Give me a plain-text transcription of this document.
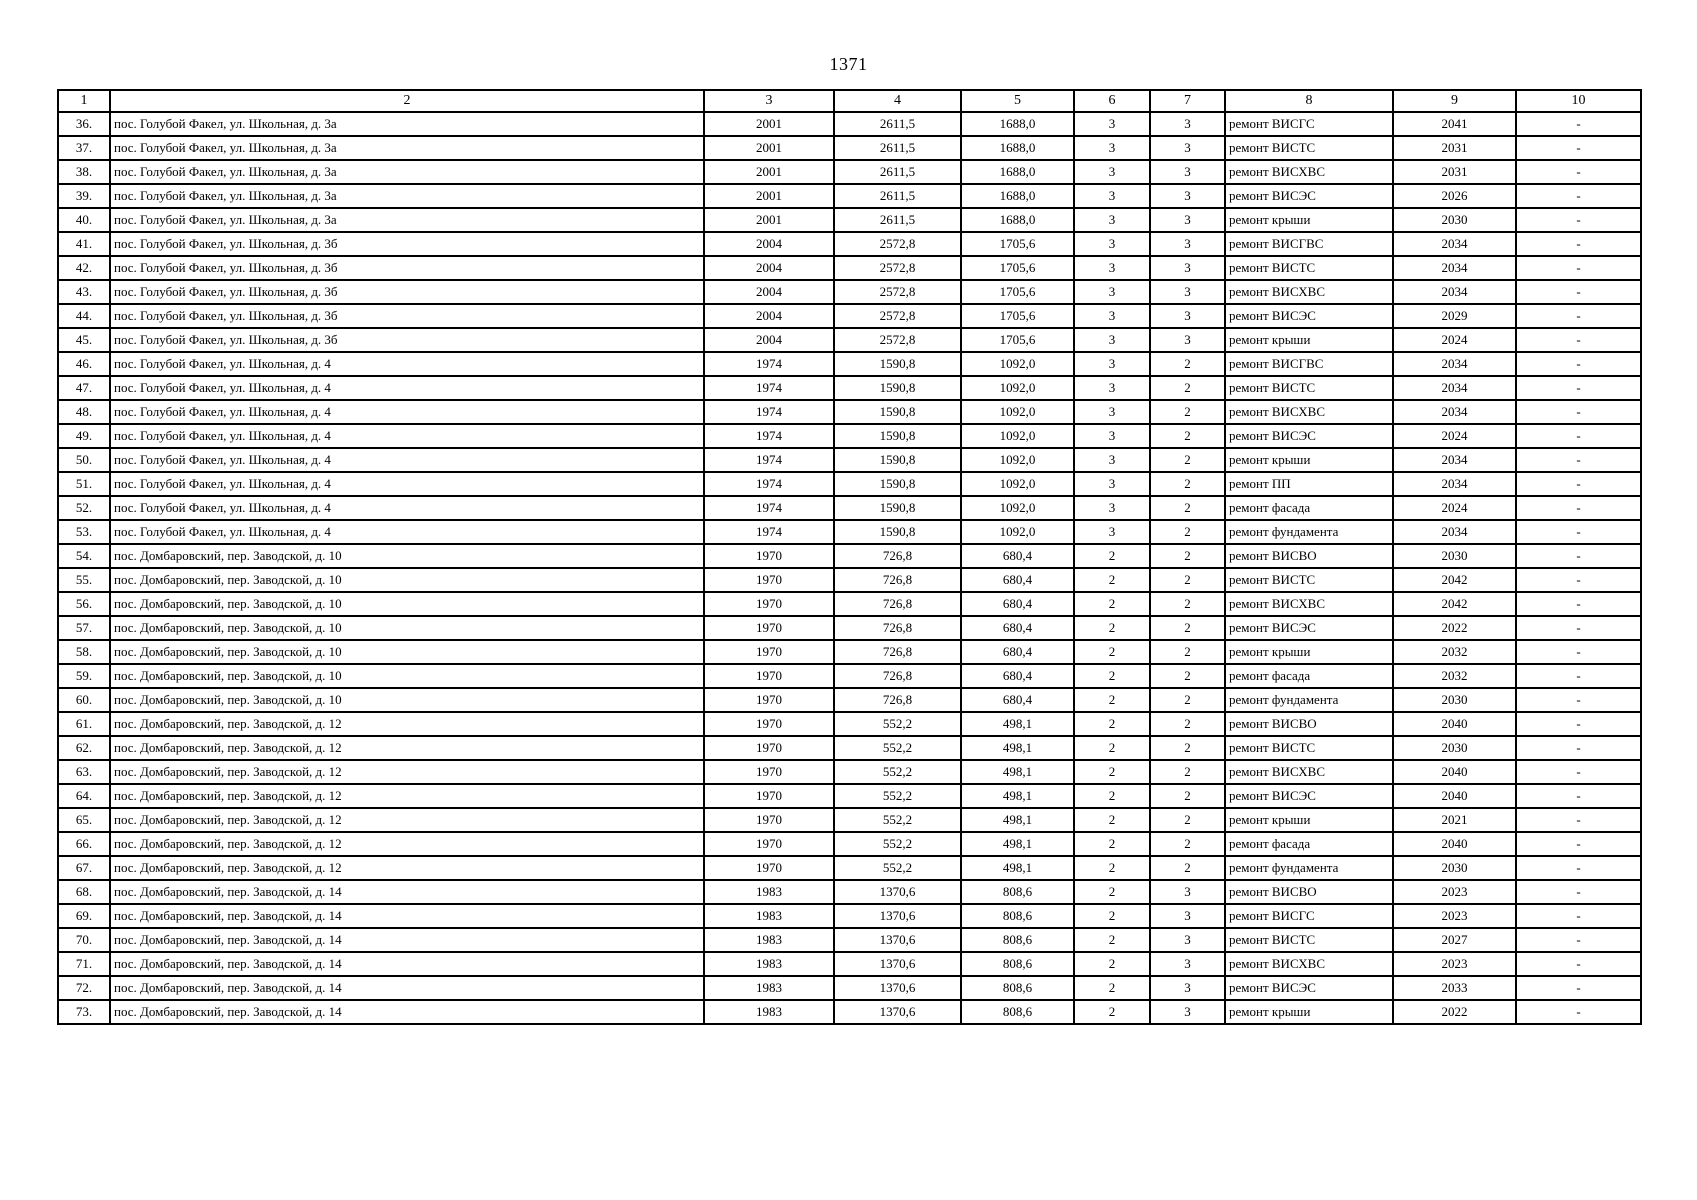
1371
1	2	3	4	5	6	7	8	9	10
36.	пос. Голубой Факел, ул. Школьная, д. 3а	2001	2611,5	1688,0	3	3	ремонт ВИСГС	2041	-
37.	пос. Голубой Факел, ул. Школьная, д. 3а	2001	2611,5	1688,0	3	3	ремонт ВИСТС	2031	-
38.	пос. Голубой Факел, ул. Школьная, д. 3а	2001	2611,5	1688,0	3	3	ремонт ВИСХВС	2031	-
39.	пос. Голубой Факел, ул. Школьная, д. 3а	2001	2611,5	1688,0	3	3	ремонт ВИСЭС	2026	-
40.	пос. Голубой Факел, ул. Школьная, д. 3а	2001	2611,5	1688,0	3	3	ремонт крыши	2030	-
41.	пос. Голубой Факел, ул. Школьная, д. 3б	2004	2572,8	1705,6	3	3	ремонт ВИСГВС	2034	-
42.	пос. Голубой Факел, ул. Школьная, д. 3б	2004	2572,8	1705,6	3	3	ремонт ВИСТС	2034	-
43.	пос. Голубой Факел, ул. Школьная, д. 3б	2004	2572,8	1705,6	3	3	ремонт ВИСХВС	2034	-
44.	пос. Голубой Факел, ул. Школьная, д. 3б	2004	2572,8	1705,6	3	3	ремонт ВИСЭС	2029	-
45.	пос. Голубой Факел, ул. Школьная, д. 3б	2004	2572,8	1705,6	3	3	ремонт крыши	2024	-
46.	пос. Голубой Факел, ул. Школьная, д. 4	1974	1590,8	1092,0	3	2	ремонт ВИСГВС	2034	-
47.	пос. Голубой Факел, ул. Школьная, д. 4	1974	1590,8	1092,0	3	2	ремонт ВИСТС	2034	-
48.	пос. Голубой Факел, ул. Школьная, д. 4	1974	1590,8	1092,0	3	2	ремонт ВИСХВС	2034	-
49.	пос. Голубой Факел, ул. Школьная, д. 4	1974	1590,8	1092,0	3	2	ремонт ВИСЭС	2024	-
50.	пос. Голубой Факел, ул. Школьная, д. 4	1974	1590,8	1092,0	3	2	ремонт крыши	2034	-
51.	пос. Голубой Факел, ул. Школьная, д. 4	1974	1590,8	1092,0	3	2	ремонт ПП	2034	-
52.	пос. Голубой Факел, ул. Школьная, д. 4	1974	1590,8	1092,0	3	2	ремонт фасада	2024	-
53.	пос. Голубой Факел, ул. Школьная, д. 4	1974	1590,8	1092,0	3	2	ремонт фундамента	2034	-
54.	пос. Домбаровский, пер. Заводской, д. 10	1970	726,8	680,4	2	2	ремонт ВИСВО	2030	-
55.	пос. Домбаровский, пер. Заводской, д. 10	1970	726,8	680,4	2	2	ремонт ВИСТС	2042	-
56.	пос. Домбаровский, пер. Заводской, д. 10	1970	726,8	680,4	2	2	ремонт ВИСХВС	2042	-
57.	пос. Домбаровский, пер. Заводской, д. 10	1970	726,8	680,4	2	2	ремонт ВИСЭС	2022	-
58.	пос. Домбаровский, пер. Заводской, д. 10	1970	726,8	680,4	2	2	ремонт крыши	2032	-
59.	пос. Домбаровский, пер. Заводской, д. 10	1970	726,8	680,4	2	2	ремонт фасада	2032	-
60.	пос. Домбаровский, пер. Заводской, д. 10	1970	726,8	680,4	2	2	ремонт фундамента	2030	-
61.	пос. Домбаровский, пер. Заводской, д. 12	1970	552,2	498,1	2	2	ремонт ВИСВО	2040	-
62.	пос. Домбаровский, пер. Заводской, д. 12	1970	552,2	498,1	2	2	ремонт ВИСТС	2030	-
63.	пос. Домбаровский, пер. Заводской, д. 12	1970	552,2	498,1	2	2	ремонт ВИСХВС	2040	-
64.	пос. Домбаровский, пер. Заводской, д. 12	1970	552,2	498,1	2	2	ремонт ВИСЭС	2040	-
65.	пос. Домбаровский, пер. Заводской, д. 12	1970	552,2	498,1	2	2	ремонт крыши	2021	-
66.	пос. Домбаровский, пер. Заводской, д. 12	1970	552,2	498,1	2	2	ремонт фасада	2040	-
67.	пос. Домбаровский, пер. Заводской, д. 12	1970	552,2	498,1	2	2	ремонт фундамента	2030	-
68.	пос. Домбаровский, пер. Заводской, д. 14	1983	1370,6	808,6	2	3	ремонт ВИСВО	2023	-
69.	пос. Домбаровский, пер. Заводской, д. 14	1983	1370,6	808,6	2	3	ремонт ВИСГС	2023	-
70.	пос. Домбаровский, пер. Заводской, д. 14	1983	1370,6	808,6	2	3	ремонт ВИСТС	2027	-
71.	пос. Домбаровский, пер. Заводской, д. 14	1983	1370,6	808,6	2	3	ремонт ВИСХВС	2023	-
72.	пос. Домбаровский, пер. Заводской, д. 14	1983	1370,6	808,6	2	3	ремонт ВИСЭС	2033	-
73.	пос. Домбаровский, пер. Заводской, д. 14	1983	1370,6	808,6	2	3	ремонт крыши	2022	-
